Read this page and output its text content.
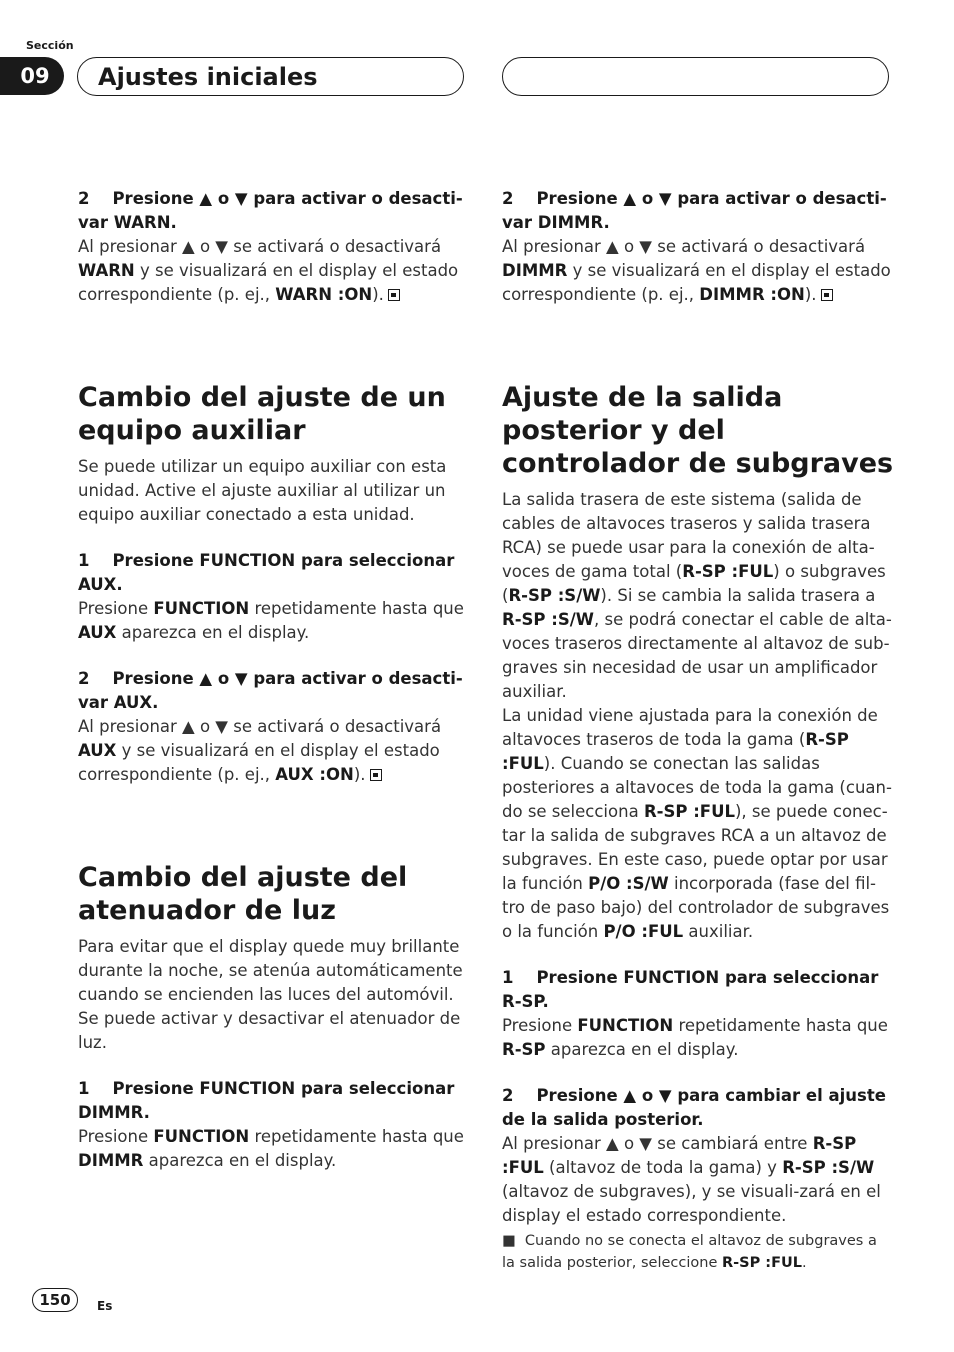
Sección
09	Ajustes iniciales

2 Presione ▲ o ▼ para activar o desacti-var WARN.

Al presionar ▲ o ▼ se activará o desactivará WARN y se visualizará en el display el estado correspondiente (p. ej., WARN :ON).

Cambio del ajuste de un equipo auxiliar

Se puede utilizar un equipo auxiliar con esta unidad. Active el ajuste auxiliar al utilizar un equipo auxiliar conectado a esta unidad.

1 Presione FUNCTION para seleccionar AUX.

Presione FUNCTION repetidamente hasta que AUX aparezca en el display.

2 Presione ▲ o ▼ para activar o desacti-var AUX.

Al presionar ▲ o ▼ se activará o desactivará AUX y se visualizará en el display el estado correspondiente (p. ej., AUX :ON).

Cambio del ajuste del atenuador de luz

Para evitar que el display quede muy brillante durante la noche, se atenúa automáticamente cuando se encienden las luces del automóvil. Se puede activar y desactivar el atenuador de luz.

1 Presione FUNCTION para seleccionar DIMMR.

Presione FUNCTION repetidamente hasta que DIMMR aparezca en el display.

2 Presione ▲ o ▼ para activar o desacti-var DIMMR.

Al presionar ▲ o ▼ se activará o desactivará DIMMR y se visualizará en el display el estado correspondiente (p. ej., DIMMR :ON).

Ajuste de la salida posterior y del controlador de subgraves

La salida trasera de este sistema (salida de cables de altavoces traseros y salida trasera RCA) se puede usar para la conexión de alta-voces de gama total (R-SP :FUL) o subgraves (R-SP :S/W). Si se cambia la salida trasera a R-SP :S/W, se podrá conectar el cable de alta-voces traseros directamente al altavoz de sub-graves sin necesidad de usar un amplificador auxiliar.

La unidad viene ajustada para la conexión de altavoces traseros de toda la gama (R-SP :FUL). Cuando se conectan las salidas posteriores a altavoces de toda la gama (cuan-do se selecciona R-SP :FUL), se puede conec-tar la salida de subgraves RCA a un altavoz de subgraves. En este caso, puede optar por usar la función P/O :S/W incorporada (fase del fil-tro de paso bajo) del controlador de subgraves o la función P/O :FUL auxiliar.

1 Presione FUNCTION para seleccionar R-SP.

Presione FUNCTION repetidamente hasta que R-SP aparezca en el display.

2 Presione ▲ o ▼ para cambiar el ajuste de la salida posterior.

Al presionar ▲ o ▼ se cambiará entre R-SP :FUL (altavoz de toda la gama) y R-SP :S/W (altavoz de subgraves), y se visuali-zará en el display el estado correspondiente.

■ Cuando no se conecta el altavoz de subgraves a la salida posterior, seleccione R-SP :FUL.

150	Es
